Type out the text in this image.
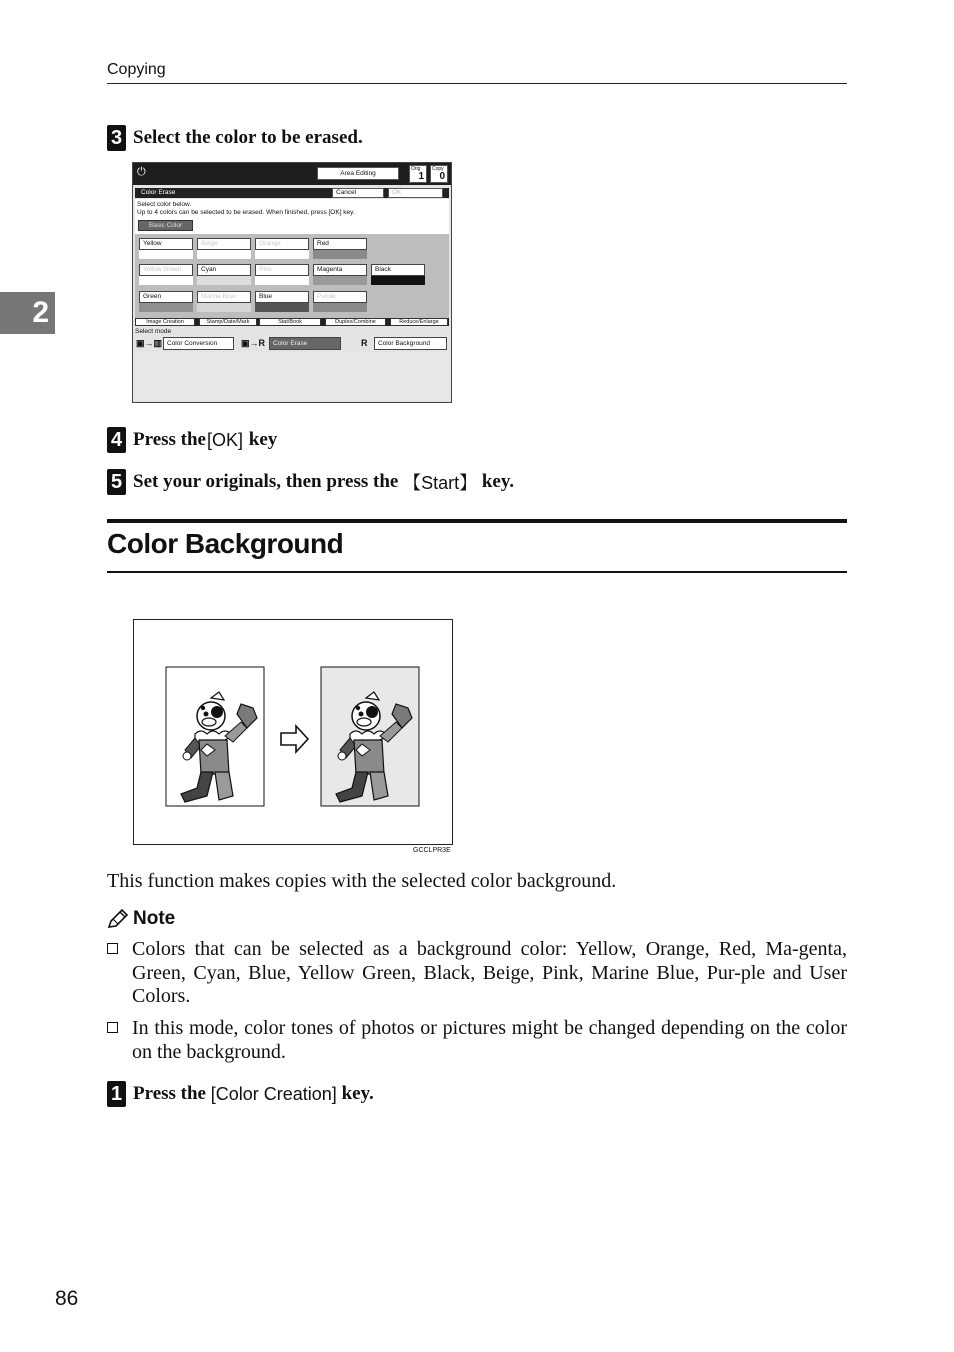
Copying
2
3 Select the color to be erased.
⏻	Area Editing
Orig
1
Copy
0
Color Erase	Cancel	OK
Select color below.
Up to 4 colors can be selected to be erased. When finished, press [OK] key.
Basic Color
Yellow	Beige	Orange	Red
Yellow Green	Cyan	Pink	Magenta	Black
Green	Marine Blue	Blue	Purple
Image Creation	Stamp/Date/Mark	Stat/Book	Duplex/Combine	Reduce/Enlarge
Select mode
▣→▥ Color Conversion	▣→R	Color Erase	R	Color Background
4 Press the [OK] key
5 Set your originals, then press the 【Start】 key.
Color Background
GCCLPR3E
This function makes copies with the selected color background.
Note
Colors that can be selected as a background color: Yellow, Orange, Red, Ma-genta, Green, Cyan, Blue, Yellow Green, Black, Beige, Pink, Marine Blue, Pur-ple and User Colors.
In this mode, color tones of photos or pictures might be changed depending on the color on the background.
1 Press the [Color Creation] key.
86
